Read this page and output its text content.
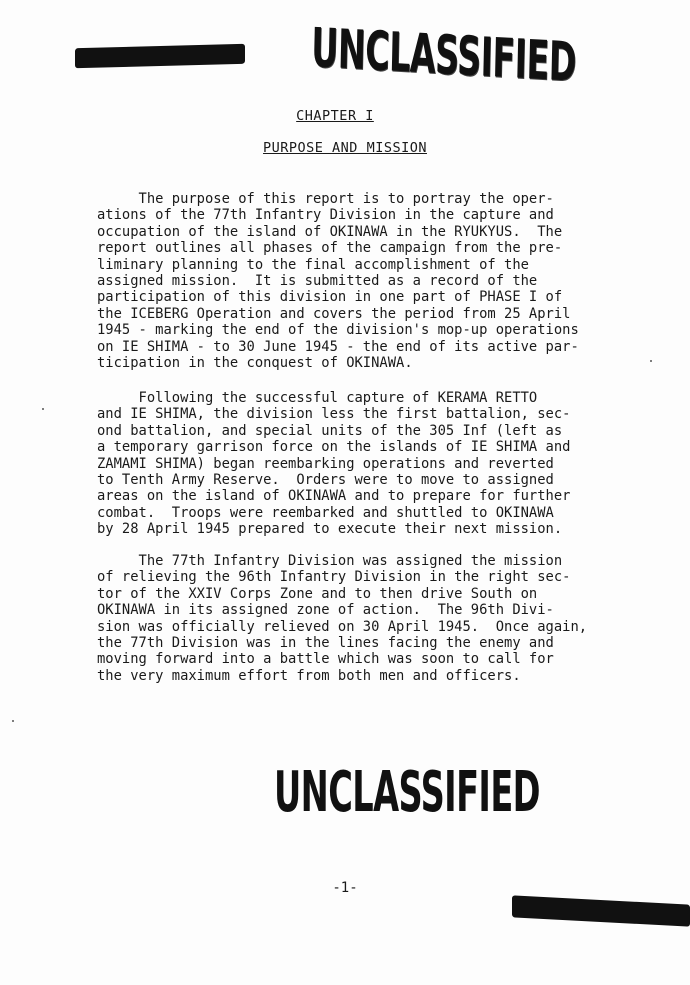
UNCLASSIFIED
CHAPTER I
PURPOSE AND MISSION
The purpose of this report is to portray the oper-
ations of the 77th Infantry Division in the capture and
occupation of the island of OKINAWA in the RYUKYUS.  The
report outlines all phases of the campaign from the pre-
liminary planning to the final accomplishment of the
assigned mission.  It is submitted as a record of the
participation of this division in one part of PHASE I of
the ICEBERG Operation and covers the period from 25 April
1945 - marking the end of the division's mop-up operations
on IE SHIMA - to 30 June 1945 - the end of its active par-
ticipation in the conquest of OKINAWA.
Following the successful capture of KERAMA RETTO
and IE SHIMA, the division less the first battalion, sec-
ond battalion, and special units of the 305 Inf (left as
a temporary garrison force on the islands of IE SHIMA and
ZAMAMI SHIMA) began reembarking operations and reverted
to Tenth Army Reserve.  Orders were to move to assigned
areas on the island of OKINAWA and to prepare for further
combat.  Troops were reembarked and shuttled to OKINAWA
by 28 April 1945 prepared to execute their next mission.
The 77th Infantry Division was assigned the mission
of relieving the 96th Infantry Division in the right sec-
tor of the XXIV Corps Zone and to then drive South on
OKINAWA in its assigned zone of action.  The 96th Divi-
sion was officially relieved on 30 April 1945.  Once again,
the 77th Division was in the lines facing the enemy and
moving forward into a battle which was soon to call for
the very maximum effort from both men and officers.
UNCLASSIFIED
-1-
